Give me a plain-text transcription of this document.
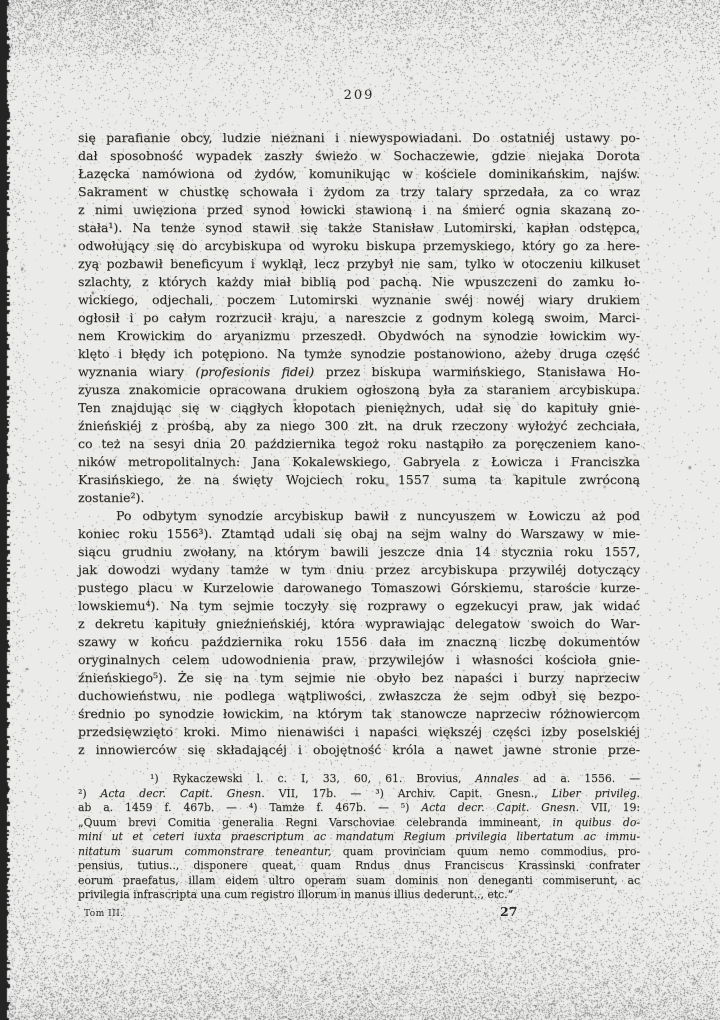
209
się parafianie obcy, ludzie nieznani i niewyspowiadani. Do ostatniéj ustawy po-
dał sposobność wypadek zaszły świeżo w Sochaczewie, gdzie niejaka Dorota
Łazęcka namówiona od żydów, komunikując w kościele dominikańskim, najśw.
Sakrament w chustkę schowała i żydom za trzy talary sprzedała, za co wraz
z nimi uwięziona przed synod łowicki stawioną i na śmierć ognia skazaną zo-
stała¹). Na tenże synod stawił się także Stanisław Lutomirski, kapłan odstępca,
odwołujący się do arcybiskupa od wyroku biskupa przemyskiego, który go za here-
zyą pozbawił beneficyum i wyklął, lecz przybył nie sam, tylko w otoczeniu kilkuset
szlachty, z których każdy miał biblią pod pachą. Nie wpuszczeni do zamku ło-
wickiego, odjechali, poczem Lutomirski wyznanie swéj nowéj wiary drukiem
ogłosił i po całym rozrzucił kraju, a nareszcie z godnym kolegą swoim, Marci-
nem Krowickim do aryanizmu przeszedł. Obydwóch na synodzie łowickim wy-
klęto i błędy ich potępiono. Na tymże synodzie postanowiono, ażeby druga część
wyznania wiary (profesionis fidei) przez biskupa warmińskiego, Stanisława Ho-
zyusza znakomicie opracowana drukiem ogłoszoną była za staraniem arcybiskupa.
Ten znajdując się w ciągłych kłopotach pieniężnych, udał się do kapituły gnie-
źnieńskiéj z prośbą, aby za niego 300 złt. na druk rzeczony wyłożyć zechciała,
co też na sesyi dnia 20 października tegoż roku nastąpiło za poręczeniem kano-
ników metropolitalnych: Jana Kokalewskiego, Gabryela z Łowicza i Franciszka
Krasińskiego, że na święty Wojciech roku 1557 suma ta kapitule zwróconą
zostanie²).
Po odbytym synodzie arcybiskup bawił z nuncyuszem w Łowiczu aż pod
koniec roku 1556³). Ztamtąd udali się obaj na sejm walny do Warszawy w mie-
siącu grudniu zwołany, na którym bawili jeszcze dnia 14 stycznia roku 1557,
jak dowodzi wydany tamże w tym dniu przez arcybiskupa przywiléj dotyczący
pustego placu w Kurzelowie darowanego Tomaszowi Górskiemu, staroście kurze-
lowskiemu⁴). Na tym sejmie toczyły się rozprawy o egzekucyi praw, jak widać
z dekretu kapituły gnieźnieńskiéj, która wyprawiając delegatow swoich do War-
szawy w końcu października roku 1556 dała im znaczną liczbę dokumentów
oryginalnych celem udowodnienia praw, przywilejów i własności kościoła gnie-
źnieńskiego⁵). Że się na tym sejmie nie obyło bez napaści i burzy naprzeciw
duchowieństwu, nie podlega wątpliwości, zwłaszcza że sejm odbył się bezpo-
średnio po synodzie łowickim, na którym tak stanowcze naprzeciw różnowiercom
przedsięwzięto kroki. Mimo nienawiści i napaści większéj części izby poselskiéj
z innowierców się składającéj i obojętność króla a nawet jawne stronie prze-
¹) Rykaczewski l. c. I, 33, 60, 61. Brovius, Annales ad a. 1556. —
²) Acta decr. Capit. Gnesn. VII, 17b. — ³) Archiv. Capit. Gnesn., Liber privileg.
ab a. 1459 f. 467b. — ⁴) Tamże f. 467b. — ⁵) Acta decr. Capit. Gnesn. VII, 19:
„Quum brevi Comitia generalia Regni Varschoviae celebranda immineant, in quibus do-
mini ut et ceteri iuxta praescriptum ac mandatum Regium privilegia libertatum ac immu-
nitatum suarum commonstrare teneantur, quam provinciam quum nemo commodius, pro-
pensius, tutius.., disponere queat, quam Rndus dnus Franciscus Krassinski confrater
eorum praefatus, illam eidem ultro operam suam dominis non deneganti commiserunt, ac
privilegia infrascripta una cum registro illorum in manus illius dederunt.., etc.“
Tom III.	27
